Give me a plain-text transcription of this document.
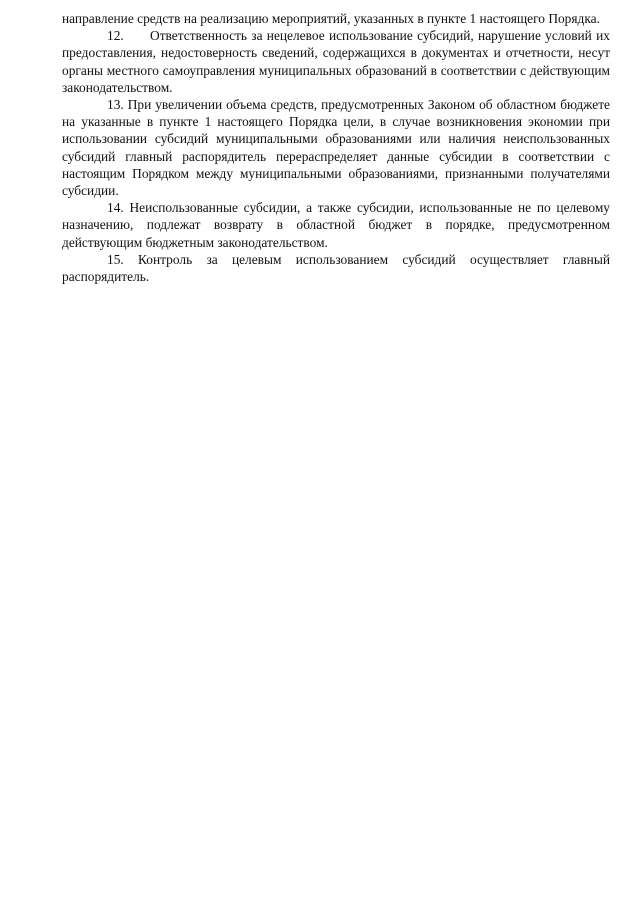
направление средств на реализацию мероприятий, указанных в пункте 1 настоящего Порядка.

12. Ответственность за нецелевое использование субсидий, нарушение условий их предоставления, недостоверность сведений, содержащихся в документах и отчетности, несут органы местного самоуправления муниципальных образований в соответствии с действующим законодательством.

13. При увеличении объема средств, предусмотренных Законом об областном бюджете на указанные в пункте 1 настоящего Порядка цели, в случае возникновения экономии при использовании субсидий муниципальными образованиями или наличия неиспользованных субсидий главный распорядитель перераспределяет данные субсидии в соответствии с настоящим Порядком между муниципальными образованиями, признанными получателями субсидии.

14. Неиспользованные субсидии, а также субсидии, использованные не по целевому назначению, подлежат возврату в областной бюджет в порядке, предусмотренном действующим бюджетным законодательством.

15. Контроль за целевым использованием субсидий осуществляет главный распорядитель.
